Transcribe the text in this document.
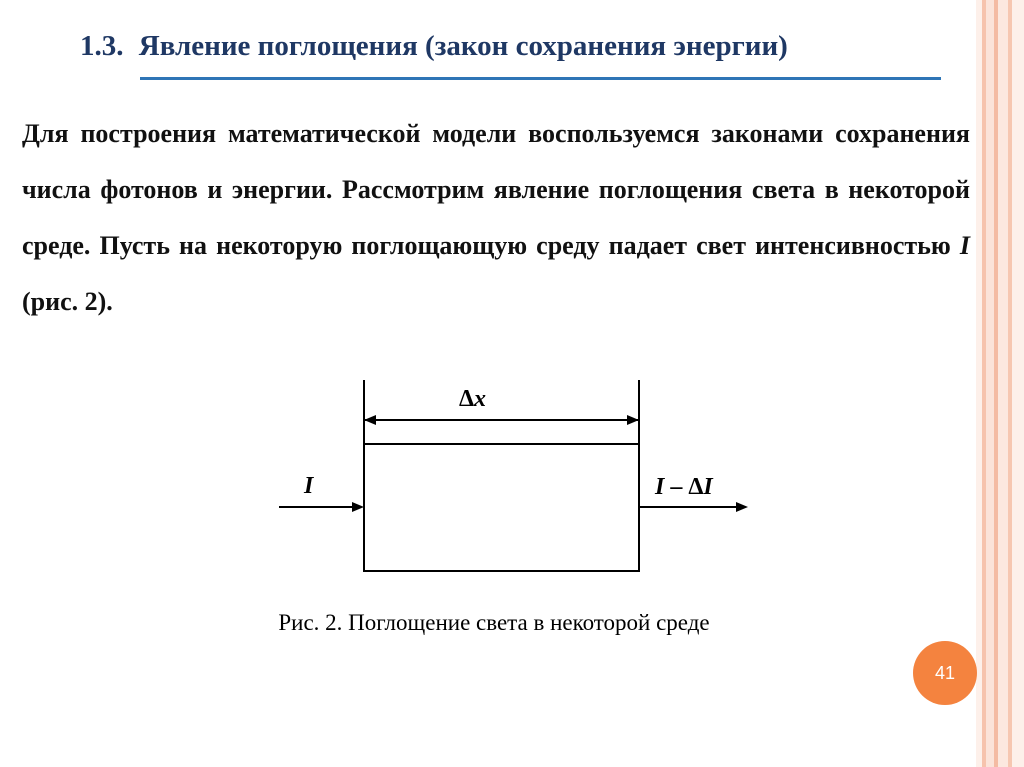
1.3. Явление поглощения (закон сохранения энергии)
Для построения математической модели воспользуемся законами сохранения числа фотонов и энергии. Рассмотрим явление поглощения света в некоторой среде. Пусть на некоторую поглощающую среду падает свет интенсивностью I (рис. 2).
Δx
I	I – ΔI
Рис. 2. Поглощение света в некоторой среде
41
